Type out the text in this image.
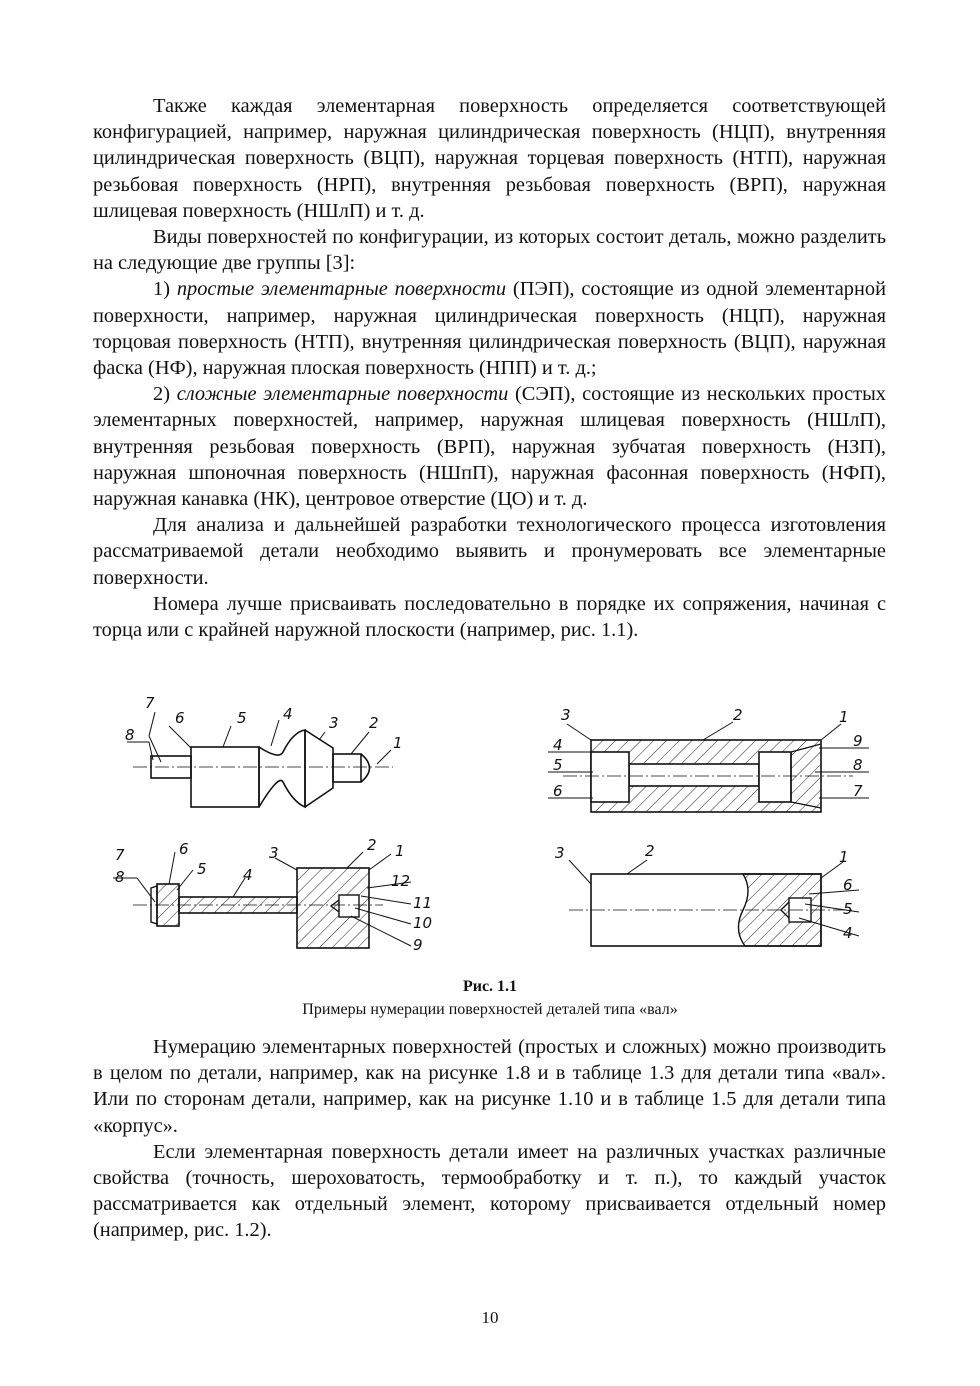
Также каждая элементарная поверхность определяется соответствующей конфигурацией, например, наружная цилиндрическая поверхность (НЦП), внутренняя цилиндрическая поверхность (ВЦП), наружная торцевая поверхность (НТП), наружная резьбовая поверхность (НРП), внутренняя резьбовая поверхность (ВРП), наружная шлицевая поверхность (НШлП) и т. д.

Виды поверхностей по конфигурации, из которых состоит деталь, можно разделить на следующие две группы [3]:

1) простые элементарные поверхности (ПЭП), состоящие из одной элементарной поверхности, например, наружная цилиндрическая поверхность (НЦП), наружная торцовая поверхность (НТП), внутренняя цилиндрическая поверхность (ВЦП), наружная фаска (НФ), наружная плоская поверхность (НПП) и т. д.;

2) сложные элементарные поверхности (СЭП), состоящие из нескольких простых элементарных поверхностей, например, наружная шлицевая поверхность (НШлП), внутренняя резьбовая поверхность (ВРП), наружная зубчатая поверхность (НЗП), наружная шпоночная поверхность (НШпП), наружная фасонная поверхность (НФП), наружная канавка (НК), центровое отверстие (ЦО) и т. д.

Для анализа и дальнейшей разработки технологического процесса изготовления рассматриваемой детали необходимо выявить и пронумеровать все элементарные поверхности.

Номера лучше присваивать последовательно в порядке их сопряжения, начиная с торца или с крайней наружной плоскости (например, рис. 1.1).

7
6	5 4 3 2
8	1
3	2	1
4	9
5	8
6	7
7	6	3	2 1
8	5 4	12
11
10
9
3	2	1
6
5
4
Рис. 1.1
Примеры нумерации поверхностей деталей типа «вал»

Нумерацию элементарных поверхностей (простых и сложных) можно производить в целом по детали, например, как на рисунке 1.8 и в таблице 1.3 для детали типа «вал». Или по сторонам детали, например, как на рисунке 1.10 и в таблице 1.5 для детали типа «корпус».

Если элементарная поверхность детали имеет на различных участках различные свойства (точность, шероховатость, термообработку и т. п.), то каждый участок рассматривается как отдельный элемент, которому присваивается отдельный номер (например, рис. 1.2).

10
